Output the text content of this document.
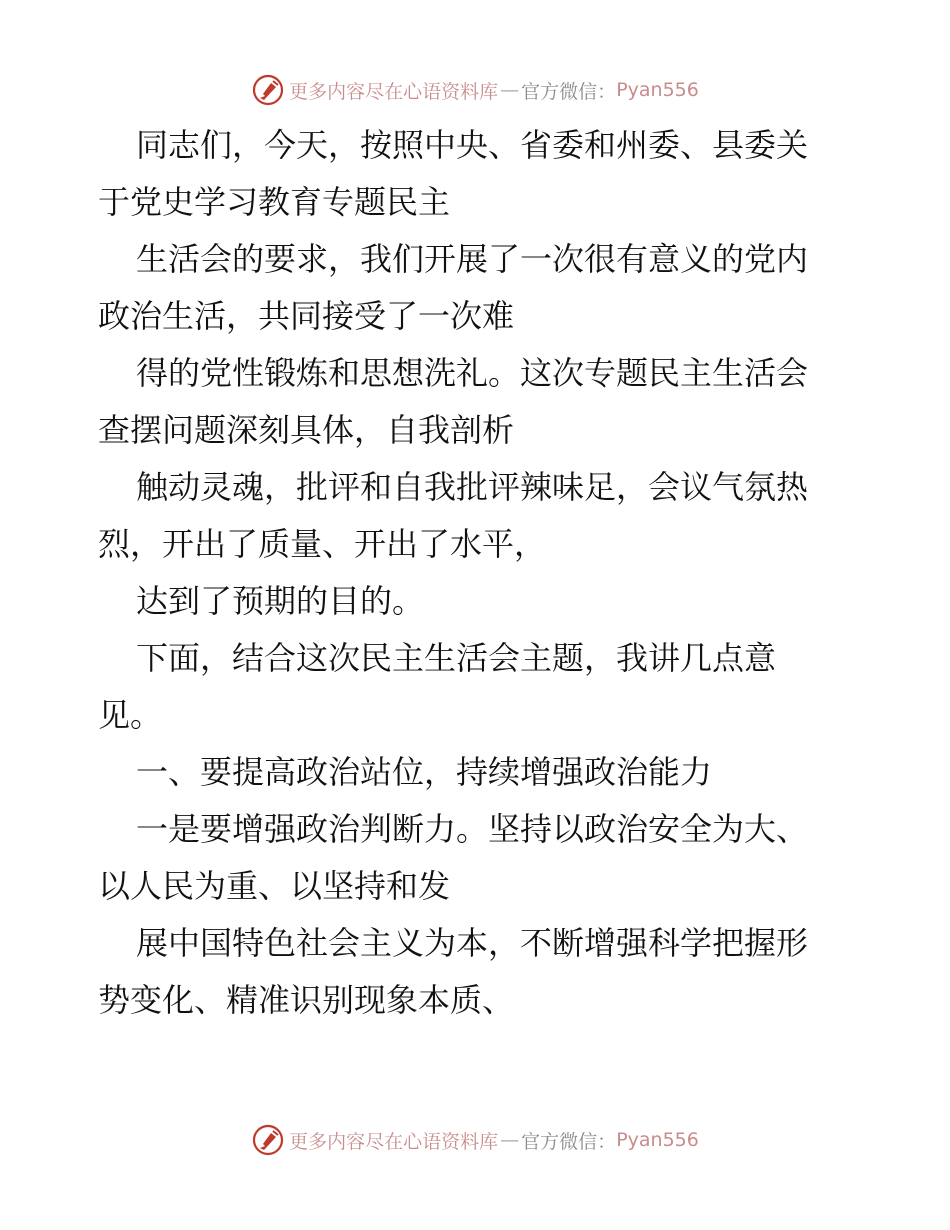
更多内容尽在心语资料库 — 官方微信： Pyan556
同志们，今天，按照中央、省委和州委、县委关
于党史学习教育专题民主
生活会的要求，我们开展了一次很有意义的党内
政治生活，共同接受了一次难
得的党性锻炼和思想洗礼。这次专题民主生活会
查摆问题深刻具体，自我剖析
触动灵魂，批评和自我批评辣味足，会议气氛热
烈，开出了质量、开出了水平，
达到了预期的目的。
下面，结合这次民主生活会主题，我讲几点意
见。
一、要提高政治站位，持续增强政治能力
一是要增强政治判断力。坚持以政治安全为大、
以人民为重、以坚持和发
展中国特色社会主义为本，不断增强科学把握形
势变化、精准识别现象本质、
更多内容尽在心语资料库 — 官方微信： Pyan556
